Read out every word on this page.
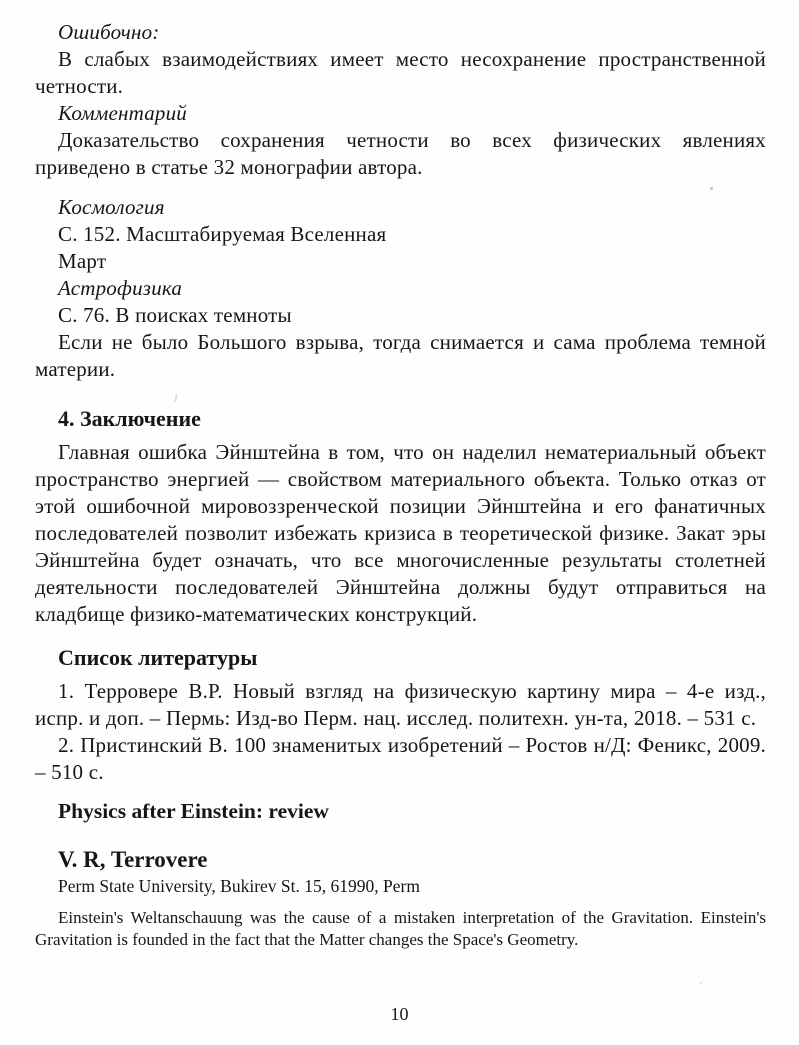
Ошибочно:

В слабых взаимодействиях имеет место несохранение пространственной четности.

Комментарий

Доказательство сохранения четности во всех физических явлениях приведено в статье 32 монографии автора.

Космология

С. 152. Масштабируемая Вселенная

Март

Астрофизика

С. 76. В поисках темноты

Если не было Большого взрыва, тогда снимается и сама проблема темной материи.

4. Заключение

Главная ошибка Эйнштейна в том, что он наделил нематериальный объект пространство энергией — свойством материального объекта. Только отказ от этой ошибочной мировоззренческой позиции Эйнштейна и его фанатичных последователей позволит избежать кризиса в теоретической физике. Закат эры Эйнштейна будет означать, что все многочисленные результаты столетней деятельности последователей Эйнштейна должны будут отправиться на кладбище физико-математических конструкций.

Список литературы

1. Терровере В.Р. Новый взгляд на физическую картину мира – 4-е изд., испр. и доп. – Пермь: Изд-во Перм. нац. исслед. политехн. ун-та, 2018. – 531 с.

2. Пристинский В. 100 знаменитых изобретений – Ростов н/Д: Феникс, 2009. – 510 с.

Physics after Einstein: review
V. R, Terrovere

Perm State University, Bukirev St. 15, 61990, Perm

Einstein's Weltanschauung was the cause of a mistaken interpretation of the Gravitation. Einstein's Gravitation is founded in the fact that the Matter changes the Space's Geometry.

10
